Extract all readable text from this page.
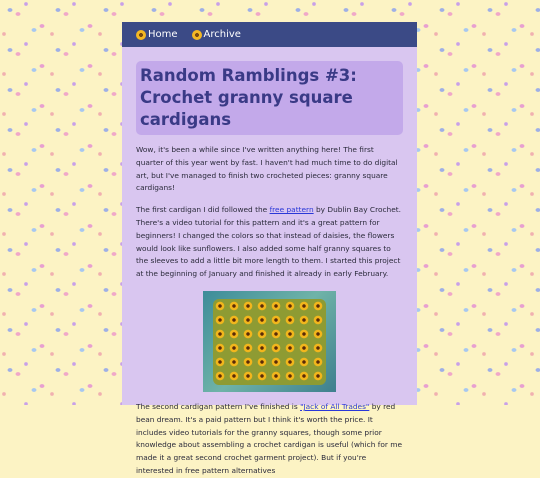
Home	Archive
Random Ramblings #3: Crochet granny square cardigans

Wow, it's been a while since I've written anything here! The first quarter of this year went by fast. I haven't had much time to do digital art, but I've managed to finish two crocheted pieces: granny square cardigans!

The first cardigan I did followed the free pattern by Dublin Bay Crochet. There's a video tutorial for this pattern and it's a great pattern for beginners! I changed the colors so that instead of daisies, the flowers would look like sunflowers. I also added some half granny squares to the sleeves to add a little bit more length to them. I started this project at the beginning of January and finished it already in early February.

The second cardigan pattern I've finished is "Jack of All Trades" by red bean dream. It's a paid pattern but I think it's worth the price. It includes video tutorials for the granny squares, though some prior knowledge about assembling a crochet cardigan is useful (which for me made it a great second crochet garment project). But if you're interested in free pattern alternatives
